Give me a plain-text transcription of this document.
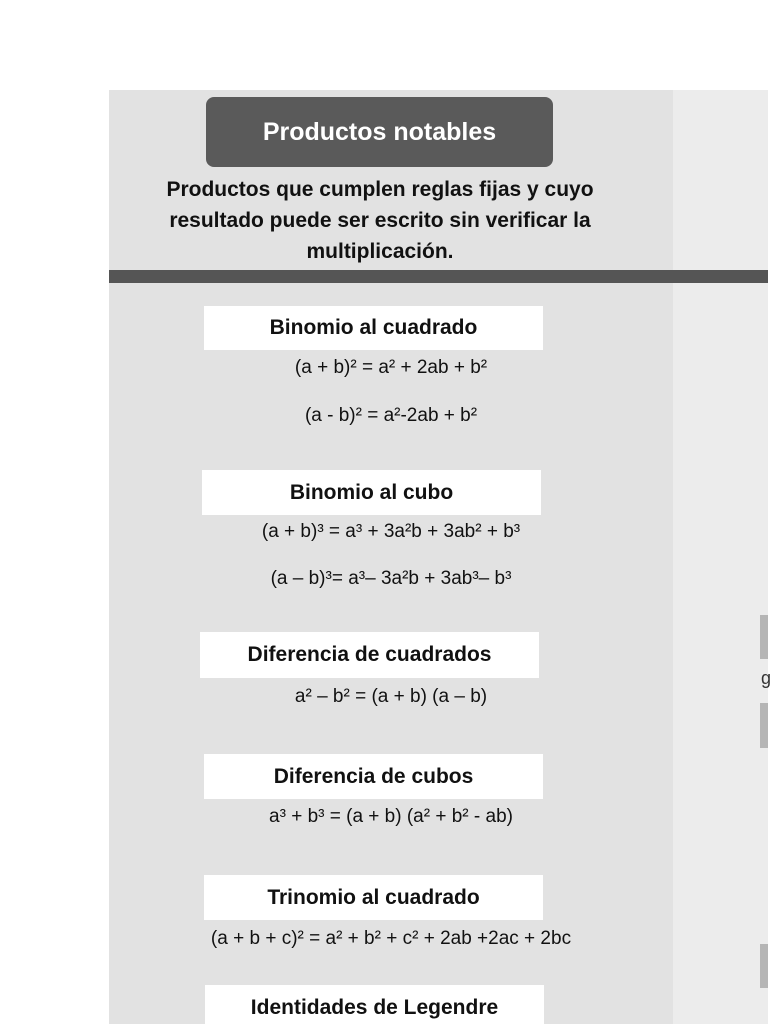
Productos notables
Productos que cumplen reglas fijas y cuyo
resultado puede ser escrito sin verificar la
multiplicación.
Binomio al cuadrado
(a + b)² = a² + 2ab + b²
(a - b)² = a²-2ab + b²
Binomio al cubo
(a + b)³ = a³ + 3a²b + 3ab² + b³
(a – b)³= a³– 3a²b + 3ab³– b³
Diferencia de cuadrados
a² – b² = (a + b) (a – b)
Diferencia de cubos
a³ + b³ = (a + b) (a² + b² - ab)
Trinomio al cuadrado
(a + b + c)² = a² + b² + c² + 2ab +2ac + 2bc
Identidades de Legendre
g
